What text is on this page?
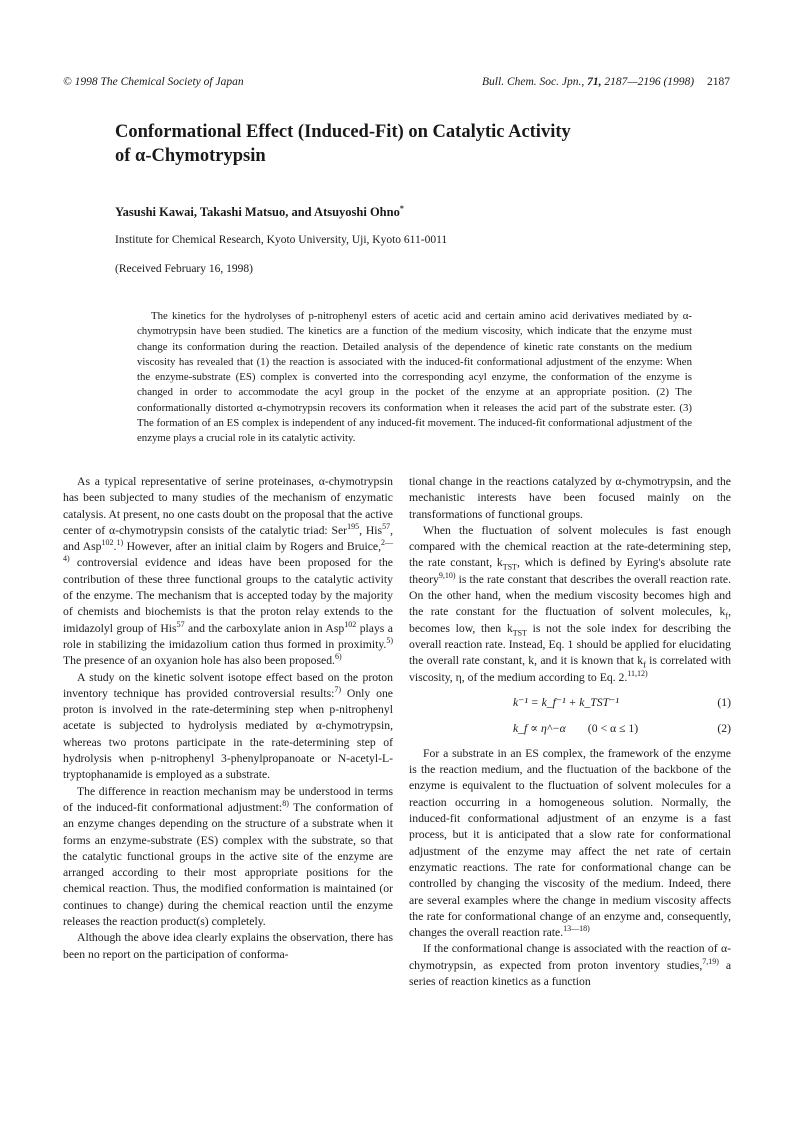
© 1998 The Chemical Society of Japan	Bull. Chem. Soc. Jpn., 71, 2187—2196 (1998) 2187
Conformational Effect (Induced-Fit) on Catalytic Activity
of α-Chymotrypsin
Yasushi Kawai, Takashi Matsuo, and Atsuyoshi Ohno*
Institute for Chemical Research, Kyoto University, Uji, Kyoto 611-0011
(Received February 16, 1998)

The kinetics for the hydrolyses of p-nitrophenyl esters of acetic acid and certain amino acid derivatives mediated by α-chymotrypsin have been studied. The kinetics are a function of the medium viscosity, which indicate that the enzyme must change its conformation during the reaction. Detailed analysis of the dependence of kinetic rate constants on the medium viscosity has revealed that (1) the reaction is associated with the induced-fit conformational adjustment of the enzyme: When the enzyme-substrate (ES) complex is converted into the corresponding acyl enzyme, the conformation of the enzyme is changed in order to accommodate the acyl group in the pocket of the enzyme at an appropriate position. (2) The conformationally distorted α-chymotrypsin recovers its conformation when it releases the acid part of the substrate ester. (3) The formation of an ES complex is independent of any induced-fit movement. The induced-fit conformational adjustment of the enzyme plays a crucial role in its catalytic activity.

As a typical representative of serine proteinases, α-chymotrypsin has been subjected to many studies of the mechanism of enzymatic catalysis. At present, no one casts doubt on the proposal that the active center of α-chymotrypsin consists of the catalytic triad: Ser$^{195}$, His$^{57}$, and Asp$^{102}$.$^{1)}$ However, after an initial claim by Rogers and Bruice,$^{2—4)}$ controversial evidence and ideas have been proposed for the contribution of these three functional groups to the catalytic activity of the enzyme. The mechanism that is accepted today by the majority of chemists and biochemists is that the proton relay extends to the imidazolyl group of His$^{57}$ and the carboxylate anion in Asp$^{102}$ plays a role in stabilizing the imidazolium cation thus formed in proximity.$^{5)}$ The presence of an oxyanion hole has also been proposed.$^{6)}$

A study on the kinetic solvent isotope effect based on the proton inventory technique has provided controversial results:$^{7)}$ Only one proton is involved in the rate-determining step when p-nitrophenyl acetate is subjected to hydrolysis mediated by α-chymotrypsin, whereas two protons participate in the rate-determining step of hydrolysis when p-nitrophenyl 3-phenylpropanoate or N-acetyl-L-tryptophanamide is employed as a substrate.

The difference in reaction mechanism may be understood in terms of the induced-fit conformational adjustment:$^{8)}$ The conformation of an enzyme changes depending on the structure of a substrate when it forms an enzyme-substrate (ES) complex with the substrate, so that the catalytic functional groups in the active site of the enzyme are arranged according to their most appropriate positions for the chemical reaction. Thus, the modified conformation is maintained (or continues to change) during the chemical reaction until the enzyme releases the reaction product(s) completely.

Although the above idea clearly explains the observation, there has been no report on the participation of conforma-

tional change in the reactions catalyzed by α-chymotrypsin, and the mechanistic interests have been focused mainly on the transformations of functional groups.

When the fluctuation of solvent molecules is fast enough compared with the chemical reaction at the rate-determining step, the rate constant, $k_{TST}$, which is defined by Eyring's absolute rate theory$^{9,10)}$ is the rate constant that describes the overall reaction rate. On the other hand, when the medium viscosity becomes high and the rate constant for the fluctuation of solvent molecules, $k_f$, becomes low, then $k_{TST}$ is not the sole index for describing the overall reaction rate. Instead, Eq. 1 should be applied for elucidating the overall rate constant, k, and it is known that $k_f$ is correlated with viscosity, η, of the medium according to Eq. 2.$^{11,12)}$

k⁻¹ = k_f⁻¹ + k_TST⁻¹	(1)
k_f ∝ η^−α (0 < α ≤ 1)	(2)

For a substrate in an ES complex, the framework of the enzyme is the reaction medium, and the fluctuation of the backbone of the enzyme is equivalent to the fluctuation of solvent molecules for a reaction occurring in a homogeneous solution. Normally, the induced-fit conformational adjustment of an enzyme is a fast process, but it is anticipated that a slow rate for conformational adjustment of the enzyme may affect the net rate of certain enzymatic reactions. The rate for conformational change can be controlled by changing the viscosity of the medium. Indeed, there are several examples where the change in medium viscosity affects the rate for conformational change of an enzyme and, consequently, changes the overall reaction rate.$^{13—18)}$

If the conformational change is associated with the reaction of α-chymotrypsin, as expected from proton inventory studies,$^{7,19)}$ a series of reaction kinetics as a function
